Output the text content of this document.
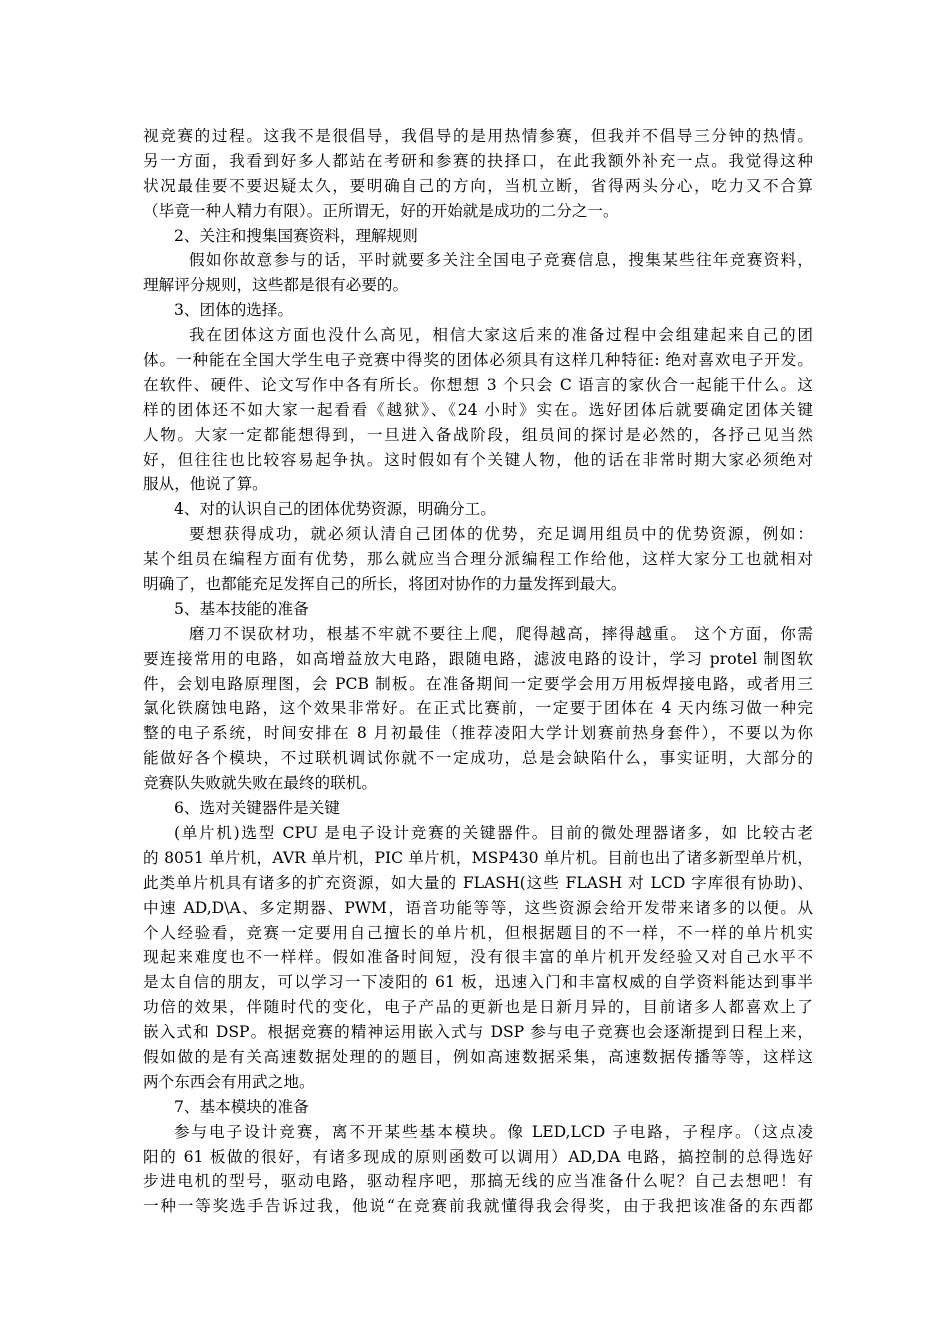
视竞赛的过程。这我不是很倡导，我倡导的是用热情参赛，但我并不倡导三分钟的热情。
另一方面，我看到好多人都站在考研和参赛的抉择口，在此我额外补充一点。我觉得这种
状况最佳要不要迟疑太久，要明确自己的方向，当机立断，省得两头分心，吃力又不合算
（毕竟一种人精力有限）。正所谓无，好的开始就是成功的二分之一。
2、关注和搜集国赛资料，理解规则
假如你故意参与的话，平时就要多关注全国电子竞赛信息，搜集某些往年竞赛资料，
理解评分规则，这些都是很有必要的。
3、团体的选择。
我在团体这方面也没什么高见，相信大家这后来的准备过程中会组建起来自己的团
体。一种能在全国大学生电子竞赛中得奖的团体必须具有这样几种特征: 绝对喜欢电子开发。
在软件、硬件、论文写作中各有所长。你想想 3 个只会 C 语言的家伙合一起能干什么。这
样的团体还不如大家一起看看《越狱》、《24 小时》实在。选好团体后就要确定团体关键
人物。大家一定都能想得到，一旦进入备战阶段，组员间的探讨是必然的，各抒己见当然
好，但往往也比较容易起争执。这时假如有个关键人物，他的话在非常时期大家必须绝对
服从，他说了算。
4、对的认识自己的团体优势资源，明确分工。
要想获得成功，就必须认清自己团体的优势，充足调用组员中的优势资源，例如：
某个组员在编程方面有优势，那么就应当合理分派编程工作给他，这样大家分工也就相对
明确了，也都能充足发挥自己的所长，将团对协作的力量发挥到最大。
5、基本技能的准备
磨刀不误砍材功，根基不牢就不要往上爬，爬得越高，摔得越重。 这个方面，你需
要连接常用的电路，如高增益放大电路，跟随电路，滤波电路的设计，学习 protel 制图软
件，会划电路原理图，会 PCB 制板。在准备期间一定要学会用万用板焊接电路，或者用三
氯化铁腐蚀电路，这个效果非常好。在正式比赛前，一定要于团体在 4 天内练习做一种完
整的电子系统，时间安排在 8 月初最佳（推荐凌阳大学计划赛前热身套件），不要以为你
能做好各个模块，不过联机调试你就不一定成功，总是会缺陷什么，事实证明，大部分的
竞赛队失败就失败在最终的联机。
6、选对关键器件是关键
(单片机)选型 CPU 是电子设计竞赛的关键器件。目前的微处理器诸多，如 比较古老
的 8051 单片机，AVR 单片机，PIC 单片机，MSP430 单片机。目前也出了诸多新型单片机，
此类单片机具有诸多的扩充资源，如大量的 FLASH(这些 FLASH 对 LCD 字库很有协助)、
中速 AD,D\A、多定期器、PWM，语音功能等等，这些资源会给开发带来诸多的以便。从
个人经验看，竞赛一定要用自己擅长的单片机，但根据题目的不一样，不一样的单片机实
现起来难度也不一样样。假如准备时间短，没有很丰富的单片机开发经验又对自己水平不
是太自信的朋友，可以学习一下凌阳的 61 板，迅速入门和丰富权威的自学资料能达到事半
功倍的效果，伴随时代的变化，电子产品的更新也是日新月异的，目前诸多人都喜欢上了
嵌入式和 DSP。根据竞赛的精神运用嵌入式与 DSP 参与电子竞赛也会逐渐提到日程上来，
假如做的是有关高速数据处理的的题目，例如高速数据采集，高速数据传播等等，这样这
两个东西会有用武之地。
7、基本模块的准备
参与电子设计竞赛，离不开某些基本模块。像 LED,LCD 子电路，子程序。（这点凌
阳的 61 板做的很好，有诸多现成的原则函数可以调用）AD,DA 电路，搞控制的总得选好
步进电机的型号，驱动电路，驱动程序吧，那搞无线的应当准备什么呢？自己去想吧！有
一种一等奖选手告诉过我，他说“在竞赛前我就懂得我会得奖，由于我把该准备的东西都
